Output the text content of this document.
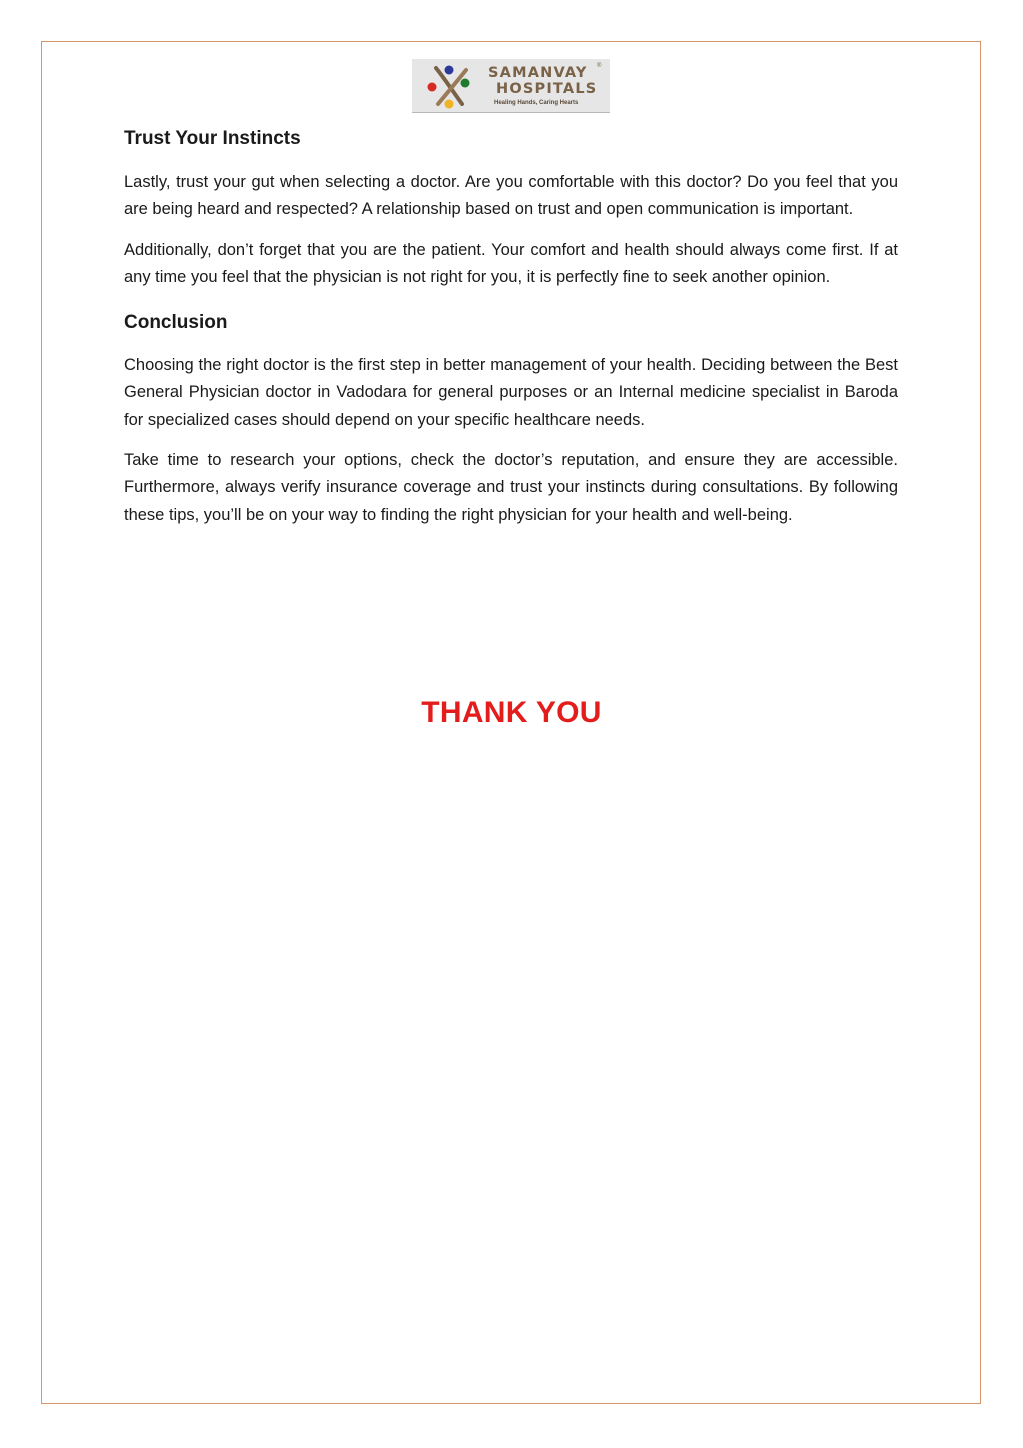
SAMANVAY ®
HOSPITALS
Healing Hands, Caring Hearts
Trust Your Instincts

Lastly, trust your gut when selecting a doctor. Are you comfortable with this doctor? Do you feel that you are being heard and respected? A relationship based on trust and open communication is important.

Additionally, don’t forget that you are the patient. Your comfort and health should always come first. If at any time you feel that the physician is not right for you, it is perfectly fine to seek another opinion.

Conclusion

Choosing the right doctor is the first step in better management of your health. Deciding between the Best General Physician doctor in Vadodara for general purposes or an Internal medicine specialist in Baroda for specialized cases should depend on your specific healthcare needs.

Take time to research your options, check the doctor’s reputation, and ensure they are accessible. Furthermore, always verify insurance coverage and trust your instincts during consultations. By following these tips, you’ll be on your way to finding the right physician for your health and well-being.

THANK YOU
